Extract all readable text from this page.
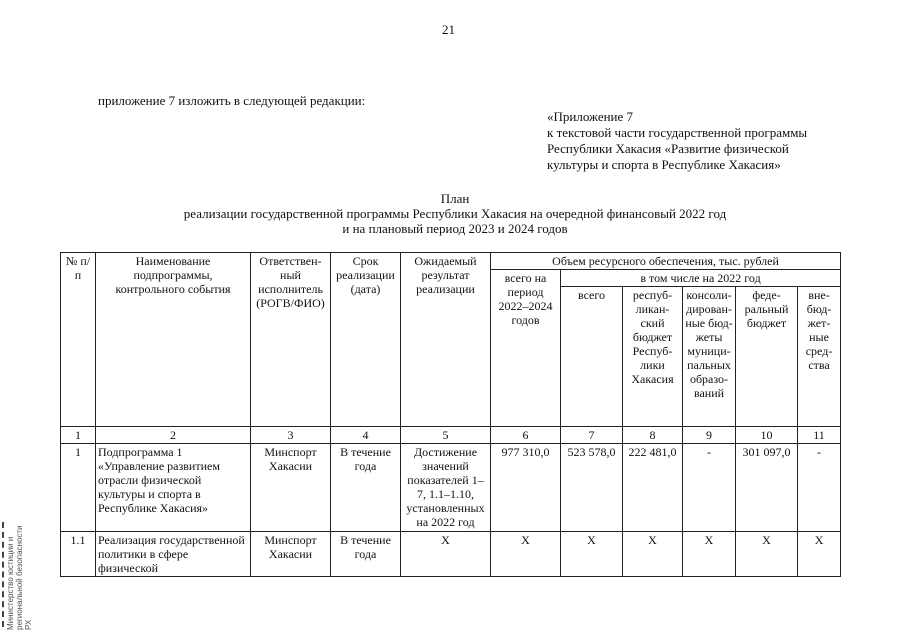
21
приложение 7 изложить в следующей редакции:
«Приложение 7
к текстовой части государственной программы
Республики Хакасия «Развитие физической
культуры и спорта в Республике Хакасия»
План
реализации государственной программы Республики Хакасия на очередной финансовый 2022 год
и на плановый период 2023 и 2024 годов
№ п/п	Наименование подпрограммы, контрольного события	Ответствен-ный исполнитель (РОГВ/ФИО)	Срок реализации (дата)	Ожидаемый результат реализации	Объем ресурсного обеспечения, тыс. рублей					
					всего на период 2022–2024 годов	в том числе на 2022 год				
						всего	респуб-ликан-ский бюджет Респуб-лики Хакасия	консоли-дирован-ные бюд-жеты муници-пальных образо-ваний	феде-ральный бюджет	вне-бюд-жет-ные сред-ства
1	2	3	4	5	6	7	8	9	10	11
1	Подпрограмма 1 «Управление развитием отрасли физической культуры и спорта в Республике Хакасия»	Минспорт Хакасии	В течение года	Достижение значений показателей 1–7, 1.1–1.10, установленных на 2022 год	977 310,0	523 578,0	222 481,0	-	301 097,0	-
1.1	Реализация государственной политики в сфере физической	Минспорт Хакасии	В течение года	X	X	X	X	X	X	X
Министерство юстиции и региональной безопасности РХ
